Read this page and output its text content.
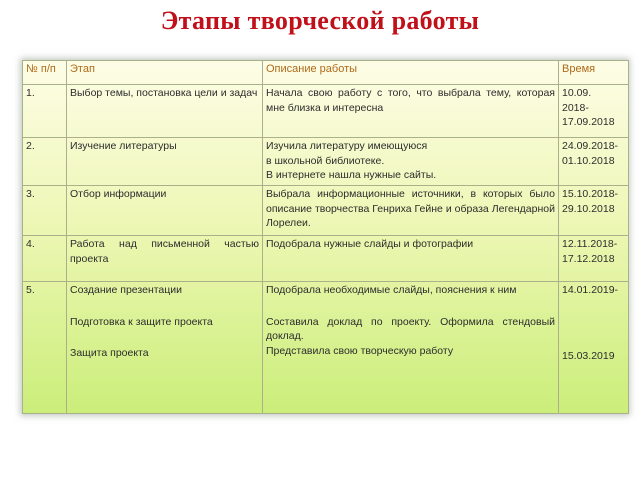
Этапы творческой работы
№ п/п	Этап	Описание работы	Время
1.	Выбор темы, постановка цели и задач	Начала свою работу с того, что выбрала тему, которая мне близка и интересна	10.09.
2018-
17.09.2018

2.	Изучение литературы	Изучила литературу имеющуюся
в школьной библиотеке.
В интернете нашла нужные сайты.	24.09.2018-
01.10.2018

3.	Отбор информации	Выбрала информационные источники, в которых было описание творчества Генриха Гейне и образа Легендарной Лорелеи.	15.10.2018-
29.10.2018

4.	Работа над письменной частью проекта	Подобрала нужные слайды и фотографии	12.11.2018-
17.12.2018

5.	Создание презентации
Подготовка к защите проекта
Защита проекта	Подобрала необходимые слайды, пояснения к ним
Составила доклад по проекту. Оформила стендовый доклад.
Представила свою творческую работу	14.01.2019-
15.03.2019
